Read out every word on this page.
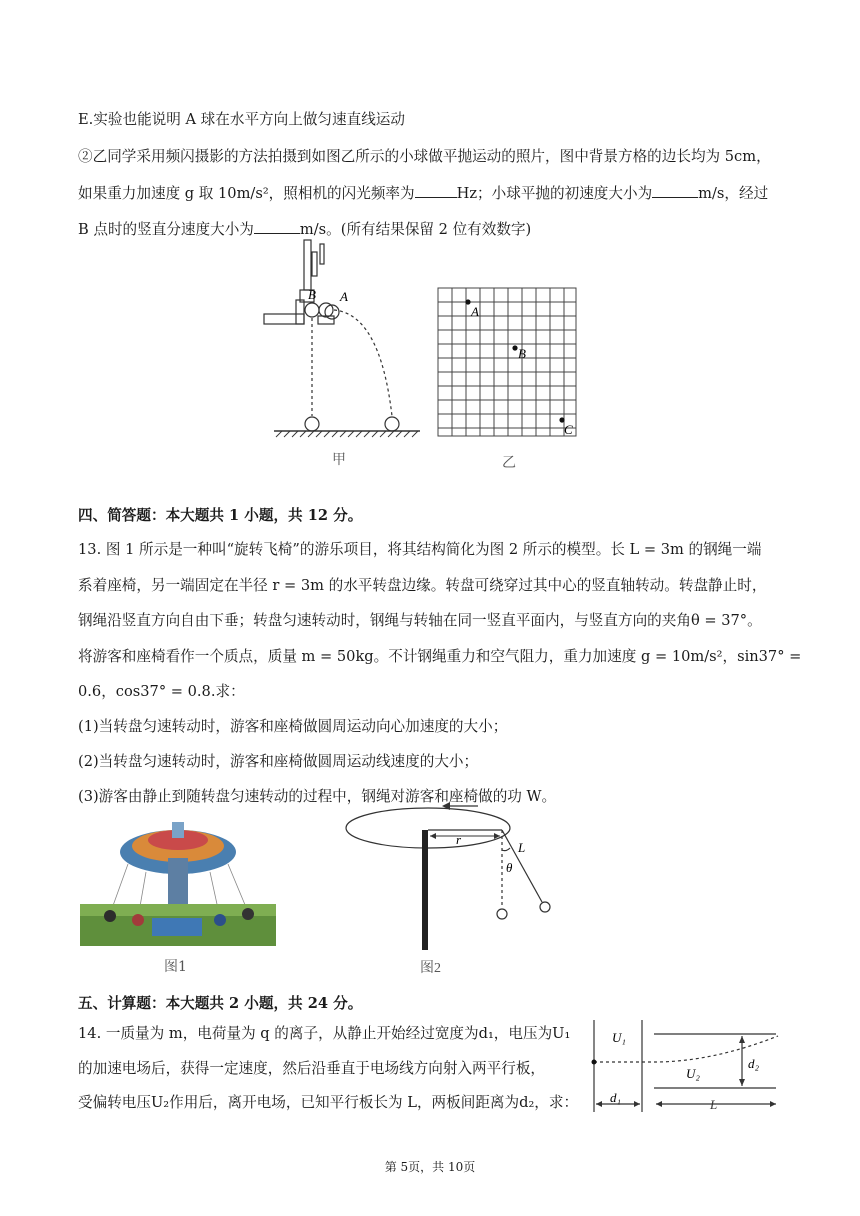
E.实验也能说明 A 球在水平方向上做匀速直线运动
②乙同学采用频闪摄影的方法拍摄到如图乙所示的小球做平抛运动的照片，图中背景方格的边长均为 5cm，
如果重力加速度 g 取 10m/s²，照相机的闪光频率为	Hz；小球平抛的初速度大小为	m/s，经过
B 点时的竖直分速度大小为	m/s。(所有结果保留 2 位有效数字)
B A
甲
A
B
C
乙
四、简答题：本大题共 1 小题，共 12 分。
13. 图 1 所示是一种叫“旋转飞椅”的游乐项目，将其结构简化为图 2 所示的模型。长 L = 3m 的钢绳一端
系着座椅，另一端固定在半径 r = 3m 的水平转盘边缘。转盘可绕穿过其中心的竖直轴转动。转盘静止时，
钢绳沿竖直方向自由下垂；转盘匀速转动时，钢绳与转轴在同一竖直平面内，与竖直方向的夹角θ = 37°。
将游客和座椅看作一个质点，质量 m = 50kg。不计钢绳重力和空气阻力，重力加速度 g = 10m/s²，sin37° =
0.6，cos37° = 0.8.求：
(1)当转盘匀速转动时，游客和座椅做圆周运动向心加速度的大小；
(2)当转盘匀速转动时，游客和座椅做圆周运动线速度的大小；
(3)游客由静止到随转盘匀速转动的过程中，钢绳对游客和座椅做的功 W。
图1
r
L
θ
图2
五、计算题：本大题共 2 小题，共 24 分。
14. 一质量为 m，电荷量为 q 的离子，从静止开始经过宽度为d₁，电压为U₁
的加速电场后，获得一定速度，然后沿垂直于电场线方向射入两平行板，
受偏转电压U₂作用后，离开电场，已知平行板长为 L，两板间距离为d₂，求：
U₁
U₂
d₂
d₁	L
第 5页，共 10页
